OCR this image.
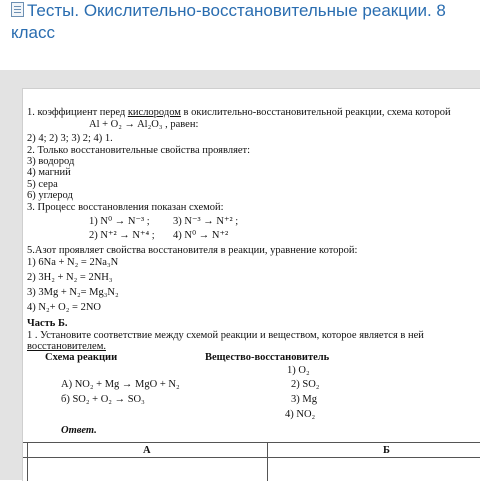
Тесты. Окислительно-восстановительные реакции. 8 класс
1. коэффициент перед кислородом в окислительно-восстановительной реакции, схема которой
Al + O₂ → Al₂O₃ , равен:
2) 4; 2) 3; 3) 2; 4) 1.
2. Только восстановительные свойства проявляет:
3) водород
4) магний
5) сера
6) углерод
3. Процесс восстановления показан схемой:
1) N⁰ → N⁻³ ; 3) N⁻³ → N⁺² ;
2) N⁺² → N⁺⁴ ; 4) N⁰ → N⁺²
5.Азот проявляет свойства восстановителя в реакции, уравнение которой:
1) 6Na + N₂ = 2Na₃N
2) 3H₂ + N₂ = 2NH₃
3) 3Mg + N₂= Mg₃N₂
4) N₂+ O₂ = 2NO
Часть Б.
1 . Установите соответствие между схемой реакции и веществом, которое является в ней
восстановителем.
Схема реакции	Вещество-восстановитель
1) O₂
А) NO₂ + Mg → MgO + N₂	2) SO₂
б) SO₂ + O₂ → SO₃	3) Mg
4) NO₂
Ответ.
А	Б
